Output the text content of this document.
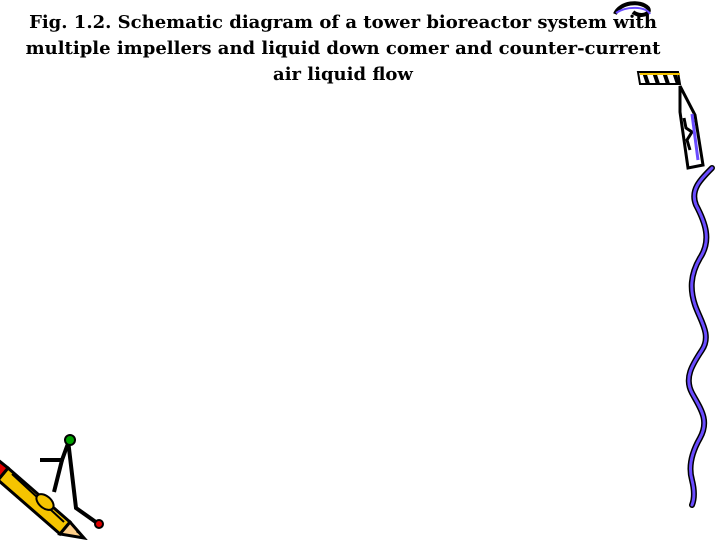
Fig. 1.2. Schematic diagram of a tower bioreactor system with multiple impellers and liquid down comer and counter-current air liquid flow
